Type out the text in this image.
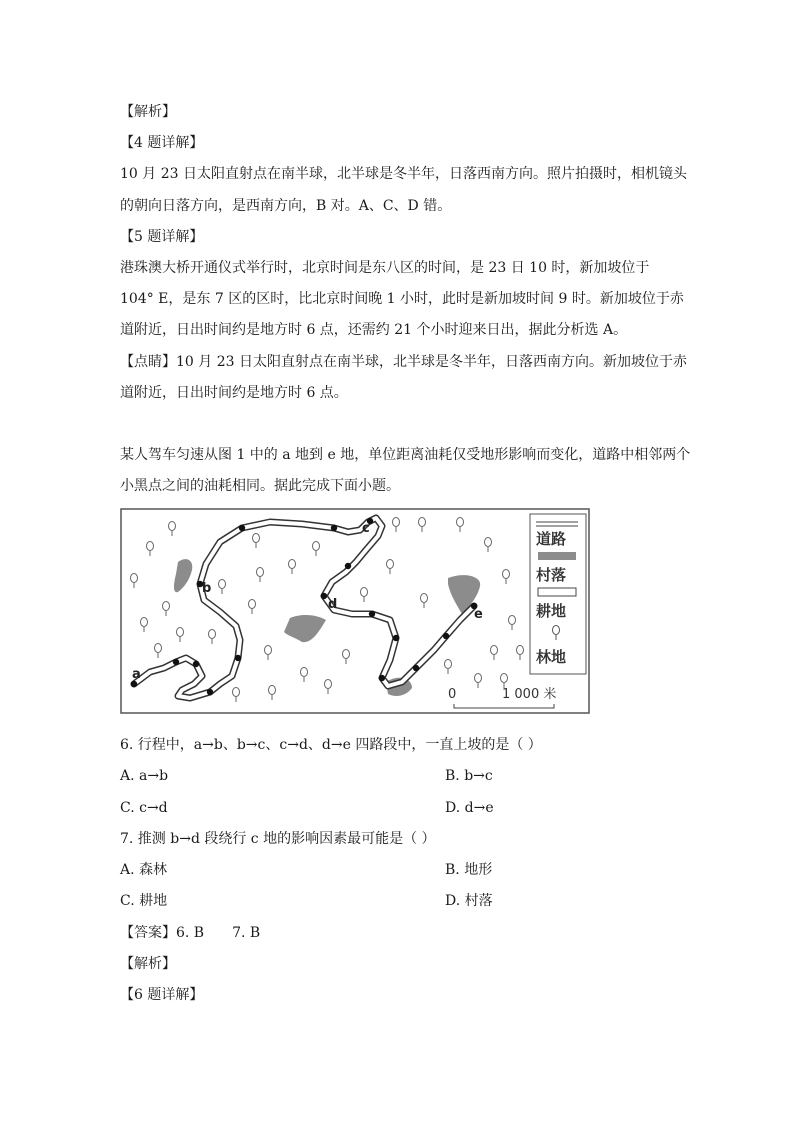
【解析】
【4 题详解】
10 月 23 日太阳直射点在南半球，北半球是冬半年，日落西南方向。照片拍摄时，相机镜头
的朝向日落方向，是西南方向，B 对。A、C、D 错。
【5 题详解】
港珠澳大桥开通仪式举行时，北京时间是东八区的时间，是 23 日 10 时，新加坡位于
104° E，是东 7 区的区时，比北京时间晚 1 小时，此时是新加坡时间 9 时。新加坡位于赤
道附近，日出时间约是地方时 6 点，还需约 21 个小时迎来日出，据此分析选 A。
【点睛】10 月 23 日太阳直射点在南半球，北半球是冬半年，日落西南方向。新加坡位于赤
道附近，日出时间约是地方时 6 点。
某人驾车匀速从图 1 中的 a 地到 e 地，单位距离油耗仅受地形影响而变化，道路中相邻两个
小黑点之间的油耗相同。据此完成下面小题。
a
b
c
d
e
道路
村落
耕地
林地
0	1 000 米
6. 行程中，a→b、b→c、c→d、d→e 四路段中，一直上坡的是（ ）
A. a→b	B. b→c
C. c→d	D. d→e
7. 推测 b→d 段绕行 c 地的影响因素最可能是（ ）
A. 森林	B. 地形
C. 耕地	D. 村落
【答案】6. B 7. B
【解析】
【6 题详解】
